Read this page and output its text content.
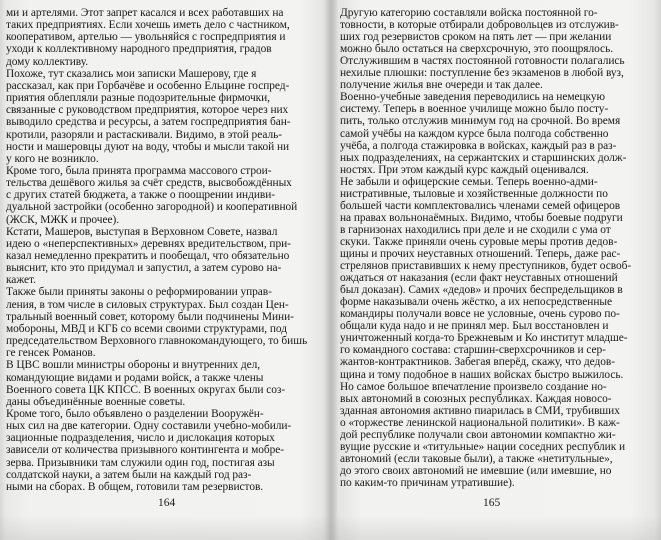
ми и артелями. Этот запрет касался и всех работавших на
таких предприятиях. Если хочешь иметь дело с частником,
кооперативом, артелью — увольняйся с госпредприятия и
уходи к коллективному народного предприятия, градов
дому коллективу.
Похоже, тут сказались мои записки Машерову, где я
рассказал, как при Горбачёве и особенно Ельцине госпред-
приятия облепляли разные подозрительные фирмочки,
связанные с руководством предприятия, которое через них
выводило средства и ресурсы, а затем госпредприятия бан-
кротили, разоряли и растаскивали. Видимо, в этой реаль-
ности и машеровцы дуют на воду, чтобы и мысли такой ни
у кого не возникло.
Кроме того, была принята программа массового строи-
тельства дешёвого жилья за счёт средств, высвобождённых
с других статей бюджета, а также о поощрении индиви-
дуальной застройки (особенно загородной) и кооперативной
(ЖСК, МЖК и прочее).
Кстати, Машеров, выступая в Верховном Совете, назвал
идею о «неперспективных» деревнях вредительством, при-
казал немедленно прекратить и пообещал, что обязательно
выяснит, кто это придумал и запустил, а затем сурово на-
кажет.
Также были приняты законы о реформировании управ-
ления, в том числе в силовых структурах. Был создан Цен-
тральный военный совет, которому были подчинены Мини-
мобороны, МВД и КГБ со всеми своими структурами, под
председательством Верховного главнокомандующего, то бишь
ге генсек Романов.
В ЦВС вошли министры обороны и внутренних дел,
командующие видами и родами войск, а также члены
Военного совета ЦК КПСС. В военных округах были соз-
даны объединённые военные советы.
Кроме того, было объявлено о разделении Вооружён-
ных сил на две категории. Одну составили учебно-мобили-
зационные подразделения, число и дислокация которых
зависели от количества призывного контингента и мобре-
зерва. Призывники там служили один год, постигая азы
солдатской науки, а затем были на каждый год раз-
ными на сборах. В общем, готовили там резервистов.
164
Другую категорию составляли войска постоянной го-
товности, в которые отбирали добровольцев из отслужив-
ших год резервистов сроком на пять лет — при желании
можно было остаться на сверхсрочную, это поощрялось.
Отслужившим в частях постоянной готовности полагались
нехилые плюшки: поступление без экзаменов в любой вуз,
получение жилья вне очереди и так далее.
Военно-учебные заведения переводились на немецкую
систему. Теперь в военное училище можно было посту-
пить, только отслужив минимум год на срочной. Во время
самой учёбы на каждом курсе была полгода собственно
учёба, а полгода стажировка в войсках, каждый раз в раз-
ных подразделениях, на сержантских и старшинских долж-
ностях. При этом каждый курс каждый оценивался.
Не забыли и офицерские семьи. Теперь военно-адми-
нистративные, тыловые и хозяйственные должности по
большей части комплектовались членами семей офицеров
на правах вольнонаёмных. Видимо, чтобы боевые подруги
в гарнизонах находились при деле и не сходили с ума от
скуки. Также приняли очень суровые меры против дедов-
щины и прочих неуставных отношений. Теперь, даже рас-
стрелянов приставивших к нему преступников, будет освоб-
ождаться от наказания (если факт неуставных отношений
был доказан). Самих «дедов» и прочих беспредельщиков в
форме наказывали очень жёстко, а их непосредственные
командиры получали вовсе не условные, очень сурово по-
общали куда надо и не принял мер. Был восстановлен и
уничтоженный когда-то Брежневым и Ко институт младше-
го командного состава: старшин-сверхсрочников и сер-
жантов-контрактников. Забегая вперёд, скажу, что дедов-
щина и тому подобное в наших войсках быстро выжилось.
Но самое большое впечатление произвело создание но-
вых автономий в союзных республиках. Каждая новосо-
зданная автономия активно пиарилась в СМИ, трубивших
о «торжестве ленинской национальной политики». В каж-
дой республике получали свои автономии компактно жи-
вущие русские и «титульные» нации соседних республик и
автономий (если таковые были), а также «нетитульные»,
до этого своих автономий не имевшие (или имевшие, но
по каким-то причинам утратившие).
165
